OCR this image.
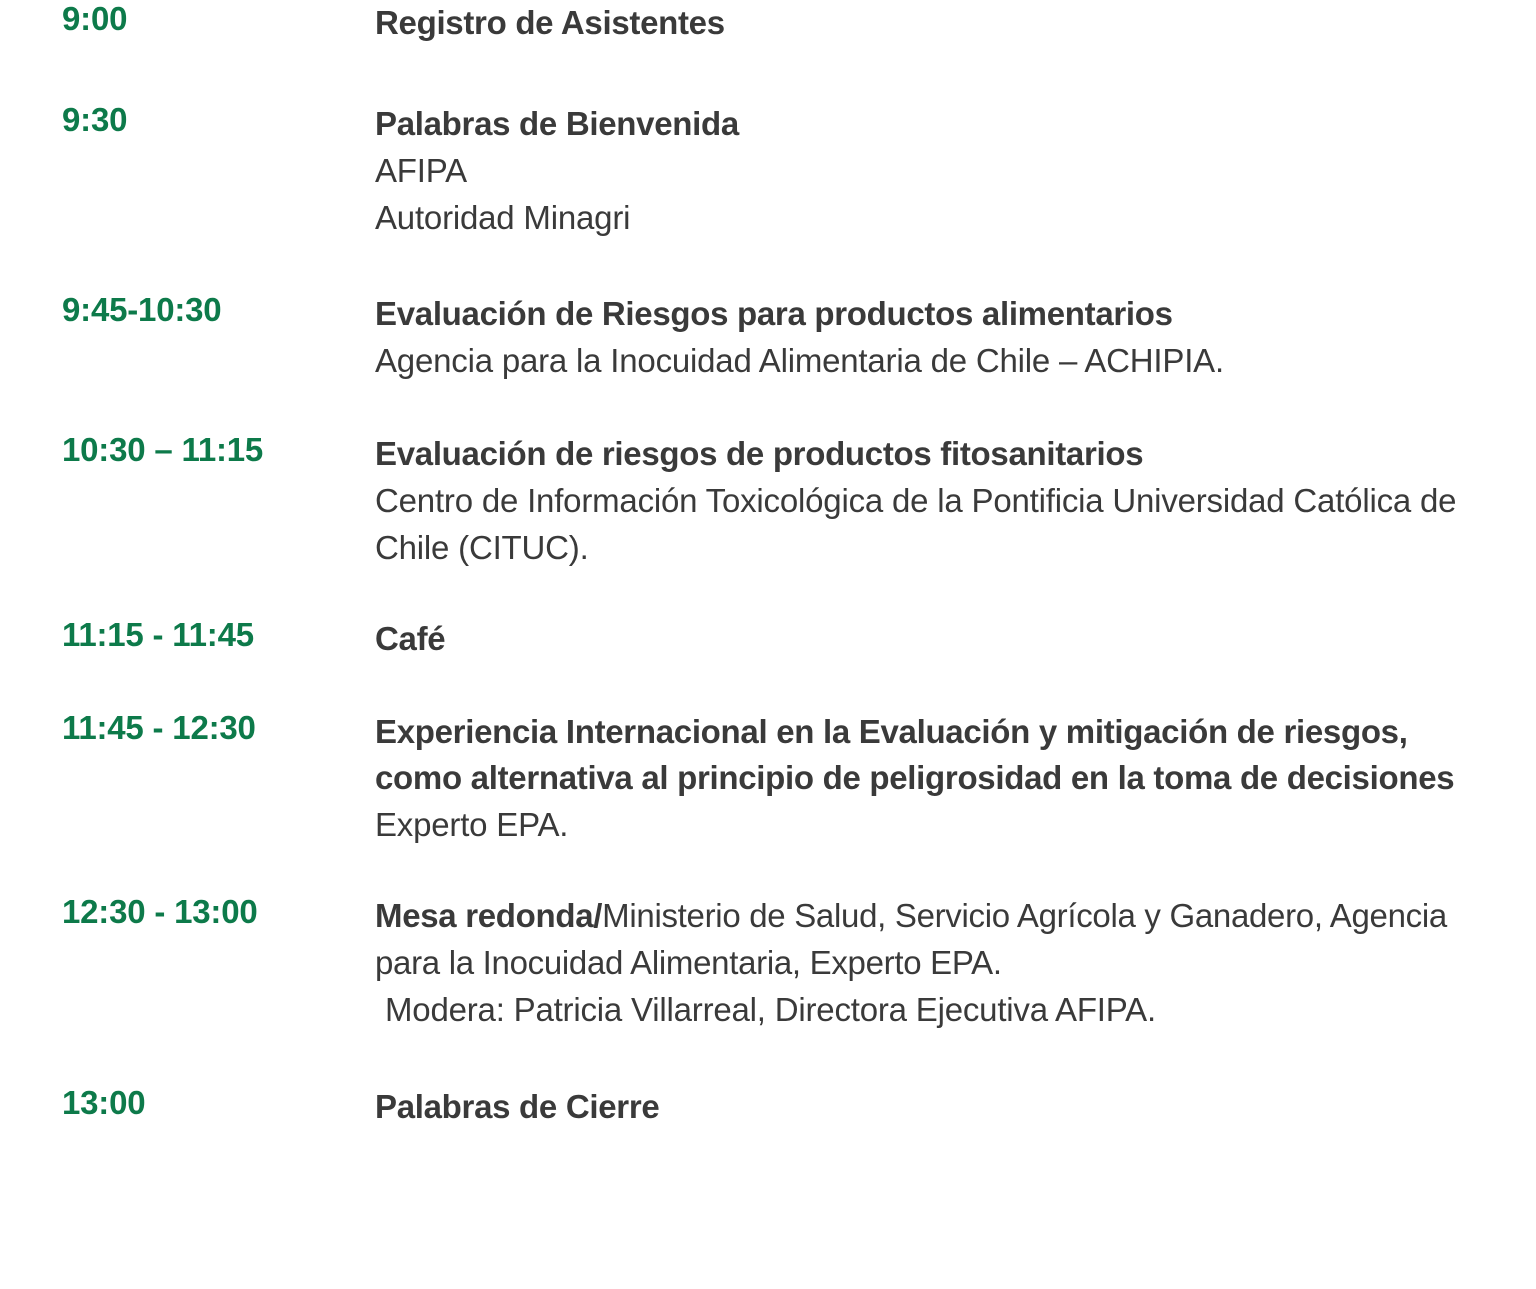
9:00	Registro de Asistentes
9:30	Palabras de Bienvenida
AFIPA
Autoridad Minagri
9:45-10:30	Evaluación de Riesgos para productos alimentarios
Agencia para la Inocuidad Alimentaria de Chile – ACHIPIA.
10:30 – 11:15	Evaluación de riesgos de productos fitosanitarios
Centro de Información Toxicológica de la Pontificia Universidad Católica de Chile (CITUC).
11:15 - 11:45	Café
11:45 - 12:30	Experiencia Internacional en la Evaluación y mitigación de riesgos, como alternativa al principio de peligrosidad en la toma de decisiones
Experto EPA.
12:30 - 13:00	Mesa redonda/Ministerio de Salud, Servicio Agrícola y Ganadero, Agencia para la Inocuidad Alimentaria, Experto EPA.
Modera: Patricia Villarreal, Directora Ejecutiva AFIPA.
13:00	Palabras de Cierre
